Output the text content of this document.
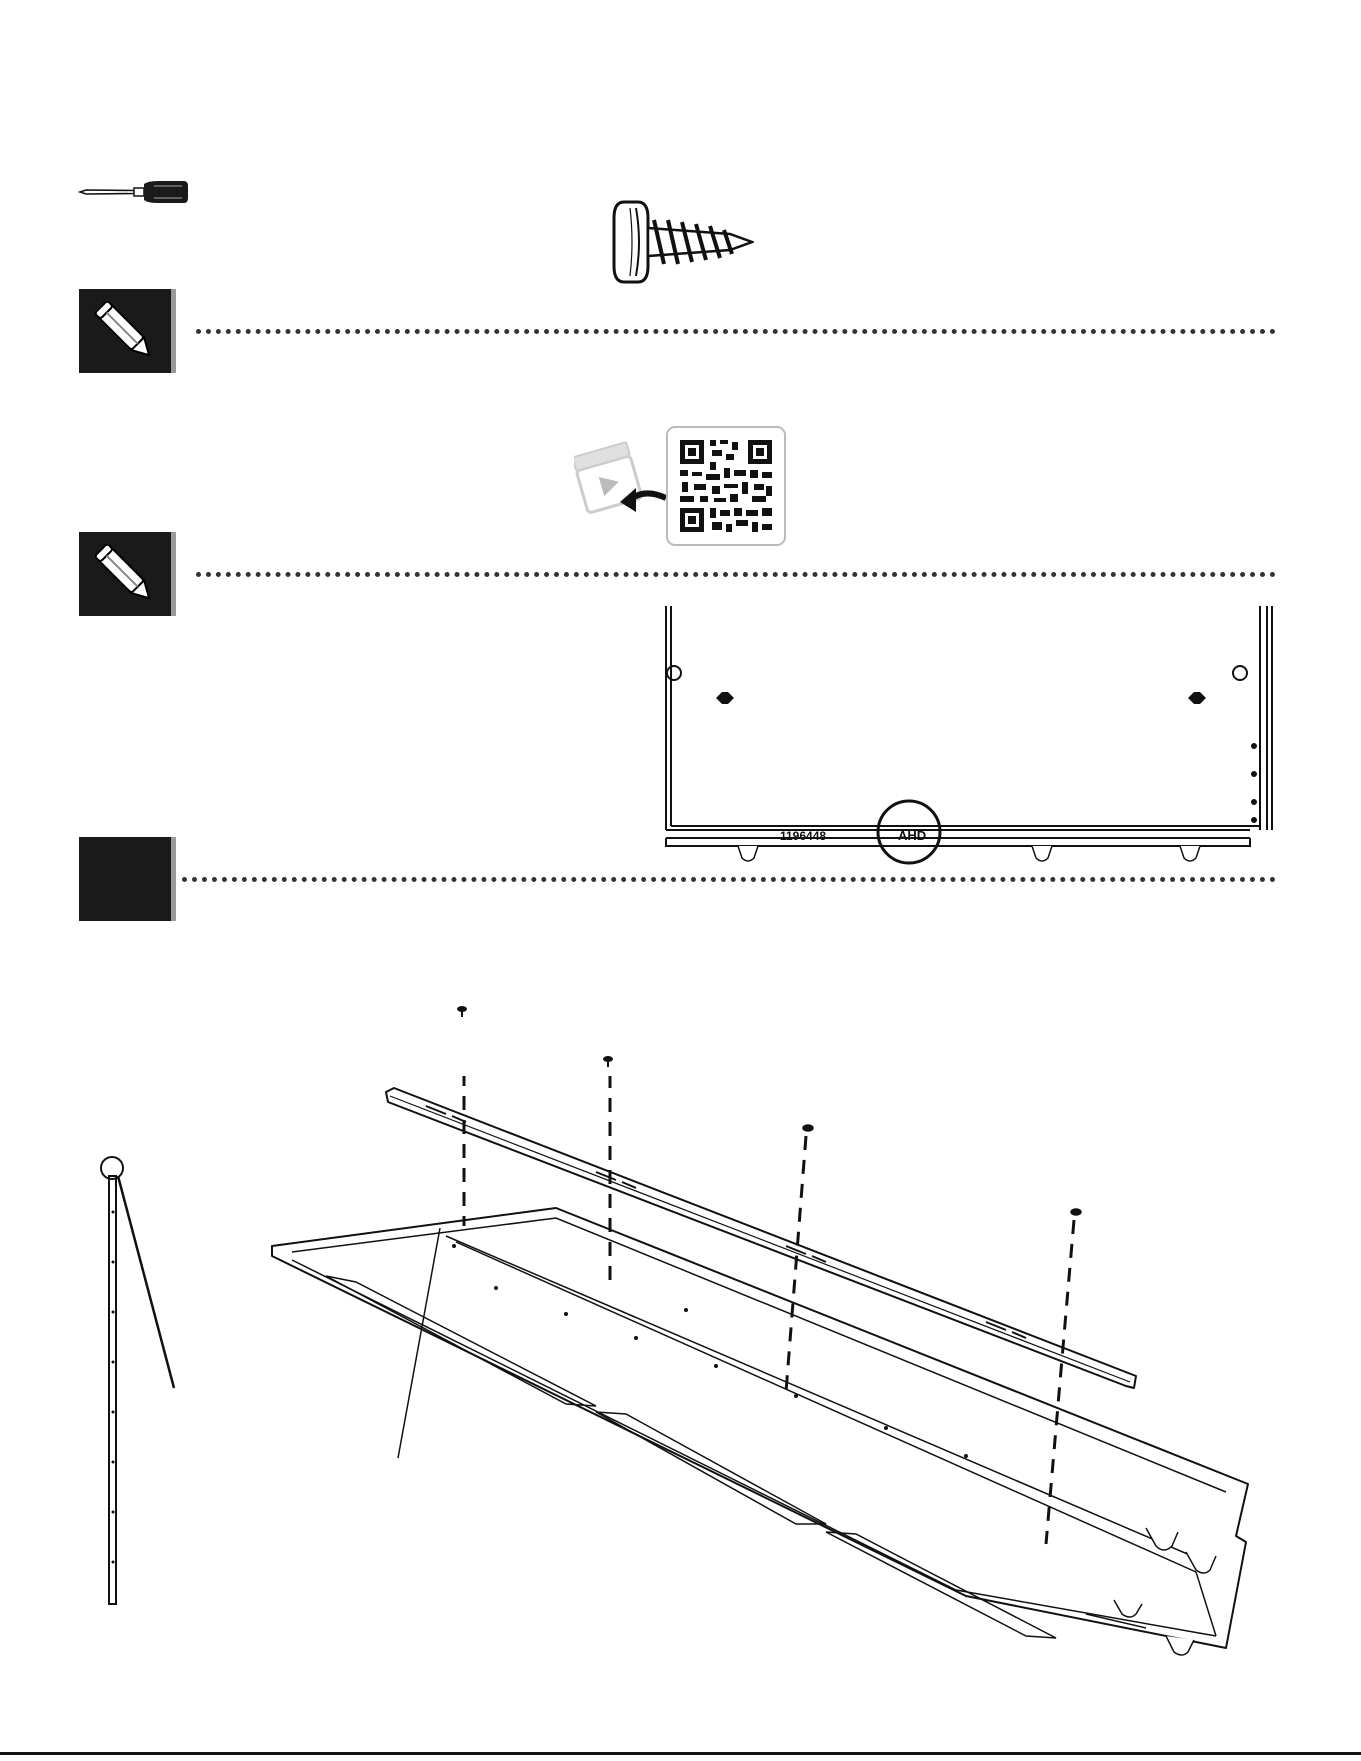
1196448	AHD
